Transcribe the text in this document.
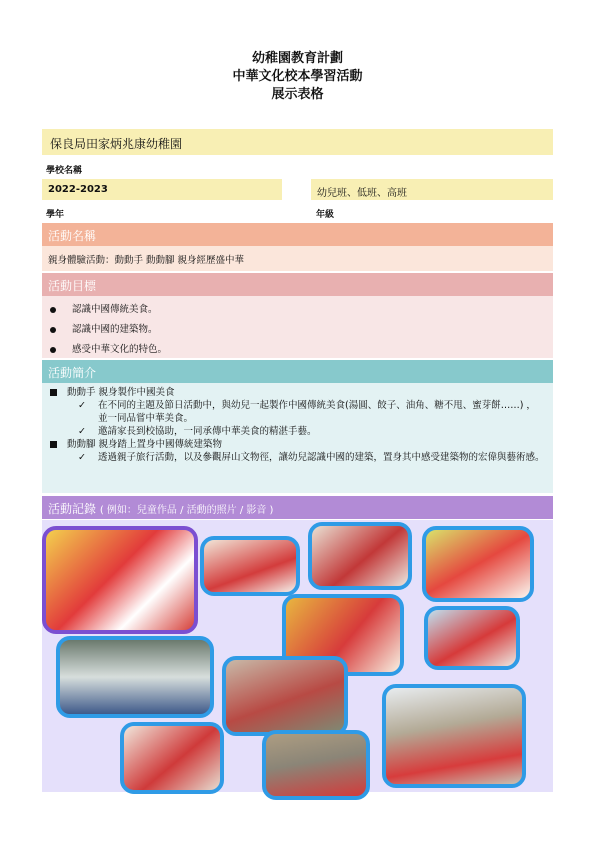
幼稚園教育計劃
中華文化校本學習活動
展示表格
保良局田家炳兆康幼稚園
學校名稱
2022-2023	幼兒班、低班、高班
學年	年級
活動名稱
親身體驗活動：動動手 動動腳 親身經歷盛中華
活動目標
認識中國傳統美食。
認識中國的建築物。
感受中華文化的特色。
活動簡介
動動手 親身製作中國美食
✓	在不同的主題及節日活動中，與幼兒一起製作中國傳統美食(湯圓、餃子、油角、糖不甩、蜜芽餅……) ，並一同品嘗中華美食。
✓	邀請家長到校協助，一同承傳中華美食的精湛手藝。
動動腳 親身踏上置身中國傳統建築物
✓	透過親子旅行活動，以及參觀屏山文物徑，讓幼兒認識中國的建築，置身其中感受建築物的宏偉與藝術感。
活動記錄 ( 例如：兒童作品 / 活動的照片 / 影音 )
